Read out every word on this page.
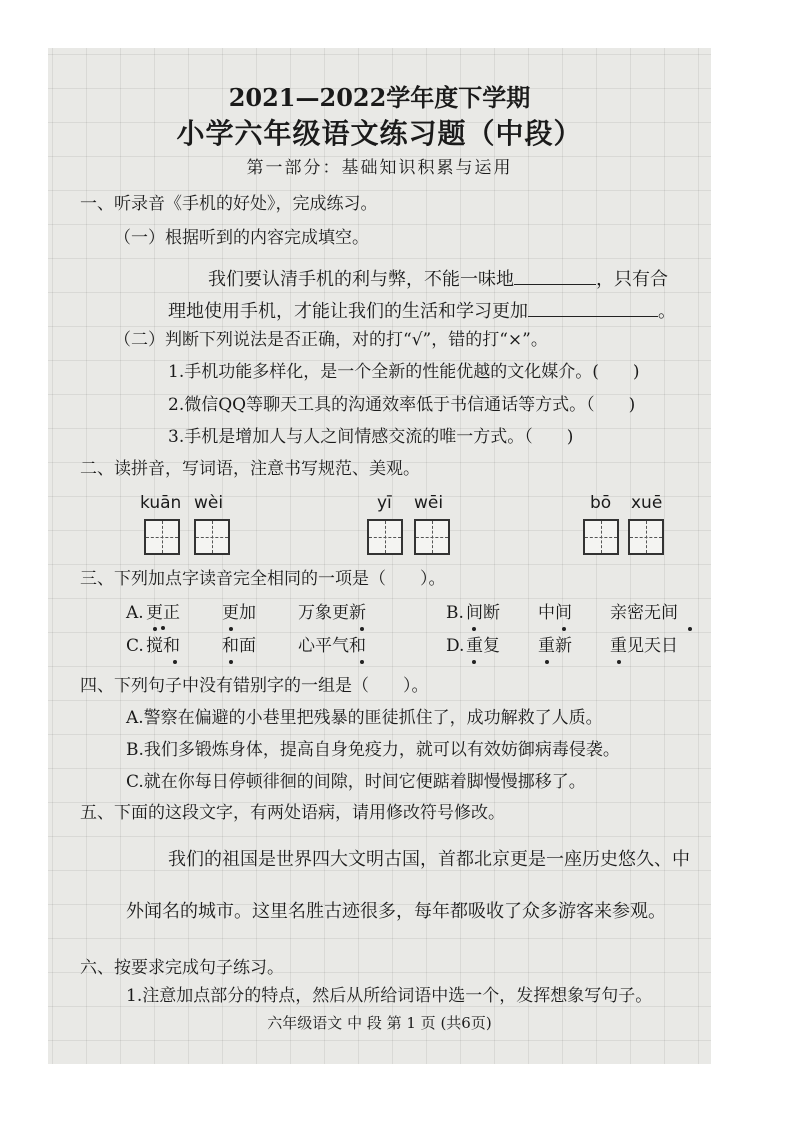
2021—2022学年度下学期
小学六年级语文练习题（中段）
第一部分：基础知识积累与运用
一、听录音《手机的好处》，完成练习。
（一）根据听到的内容完成填空。
我们要认清手机的利与弊，不能一味地	，只有合
理地使用手机，才能让我们的生活和学习更加	。
（二）判断下列说法是否正确，对的打“√”，错的打“×”。
1.手机功能多样化，是一个全新的性能优越的文化媒介。(　　)
2.微信QQ等聊天工具的沟通效率低于书信通话等方式。（　　)
3.手机是增加人与人之间情感交流的唯一方式。（　　)
二、读拼音，写词语，注意书写规范、美观。
kuān wèi	yī wēi	bō xuē
三、下列加点字读音完全相同的一项是（　　）。
A. 更正 更加 万象更新	B. 间断 中间 亲密无间
C. 搅和 和面 心平气和	D. 重复 重新 重见天日
四、下列句子中没有错别字的一组是（　　）。
A.警察在偏避的小巷里把残暴的匪徒抓住了，成功解救了人质。
B.我们多锻炼身体，提高自身免疫力，就可以有效妨御病毒侵袭。
C.就在你每日停顿徘徊的间隙，时间它便踮着脚慢慢挪移了。
五、下面的这段文字，有两处语病，请用修改符号修改。
我们的祖国是世界四大文明古国，首都北京更是一座历史悠久、中
外闻名的城市。这里名胜古迹很多，每年都吸收了众多游客来参观。
六、按要求完成句子练习。
1.注意加点部分的特点，然后从所给词语中选一个，发挥想象写句子。
六年级语文 中 段 第 1 页 (共6页)
